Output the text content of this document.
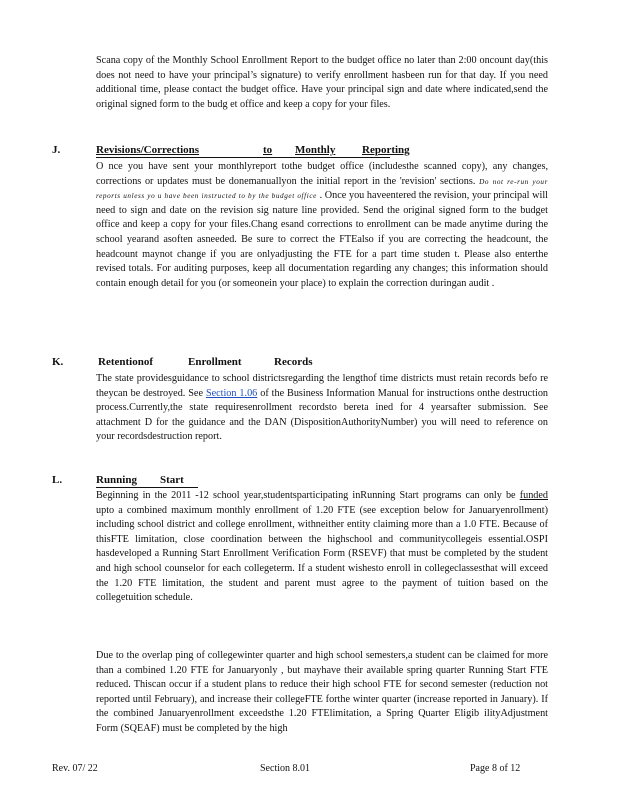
Scana copy of the Monthly School Enrollment Report to the budget office no later than 2:00 oncount day(this does not need to have your principal’s signature) to verify enrollment hasbeen run for that day. If you need additional time, please contact the budget office. Have your principal sign and date where indicated,send the original signed form to the budg et office and keep a copy for your files.

J.	Revisions/Corrections	to Monthly Reporting

O nce you have sent your monthlyreport tothe budget office (includesthe scanned copy), any changes, corrections or updates must be donemanuallyon the initial report in the 'revision' sections. Do not re-run your reports unless yo u have been instructed to by the budget office . Once you haveentered the revision, your principal will need to sign and date on the revision sig nature line provided. Send the original signed form to the budget office and keep a copy for your files.Chang esand corrections to enrollment can be made anytime during the school yearand asoften asneeded. Be sure to correct the FTEalso if you are correcting the headcount, the headcount maynot change if you are onlyadjusting the FTE for a part time studen t. Please also enterthe revised totals. For auditing purposes, keep all documentation regarding any changes; this information should contain enough detail for you (or someonein your place) to explain the correction duringan audit .

K.	Retentionof	Enrollment	Records

The state providesguidance to school districtsregarding the lengthof time districts must retain records befo re theycan be destroyed. See Section 1.06 of the Business Information Manual for instructions onthe destruction process.Currently,the state requiresenrollment recordsto bereta ined for 4 yearsafter submission. See attachment D for the guidance and the DAN (DispositionAuthorityNumber) you will need to reference on your recordsdestruction report.

L.	Running Start

Beginning in the 2011 -12 school year,studentsparticipating inRunning Start programs can only be funded upto a combined maximum monthly enrollment of 1.20 FTE (see exception below for Januaryenrollment) including school district and college enrollment, withneither entity claiming more than a 1.0 FTE. Because of thisFTE limitation, close coordination between the highschool and communitycollegeis essential.OSPI hasdeveloped a Running Start Enrollment Verification Form (RSEVF) that must be completed by the student and high school counselor for each collegeterm. If a student wishesto enroll in collegeclassesthat will exceed the 1.20 FTE limitation, the student and parent must agree to the payment of tuition based on the collegetuition schedule.

Due to the overlap ping of collegewinter quarter and high school semesters,a student can be claimed for more than a combined 1.20 FTE for Januaryonly , but mayhave their available spring quarter Running Start FTE reduced. Thiscan occur if a student plans to reduce their high school FTE for second semester (reduction not reported until February), and increase their collegeFTE forthe winter quarter (increase reported in January). If the combined Januaryenrollment exceedsthe 1.20 FTElimitation, a Spring Quarter Eligib ilityAdjustment Form (SQEAF) must be completed by the high

Rev. 07/ 22	Section 8.01	Page 8 of 12
